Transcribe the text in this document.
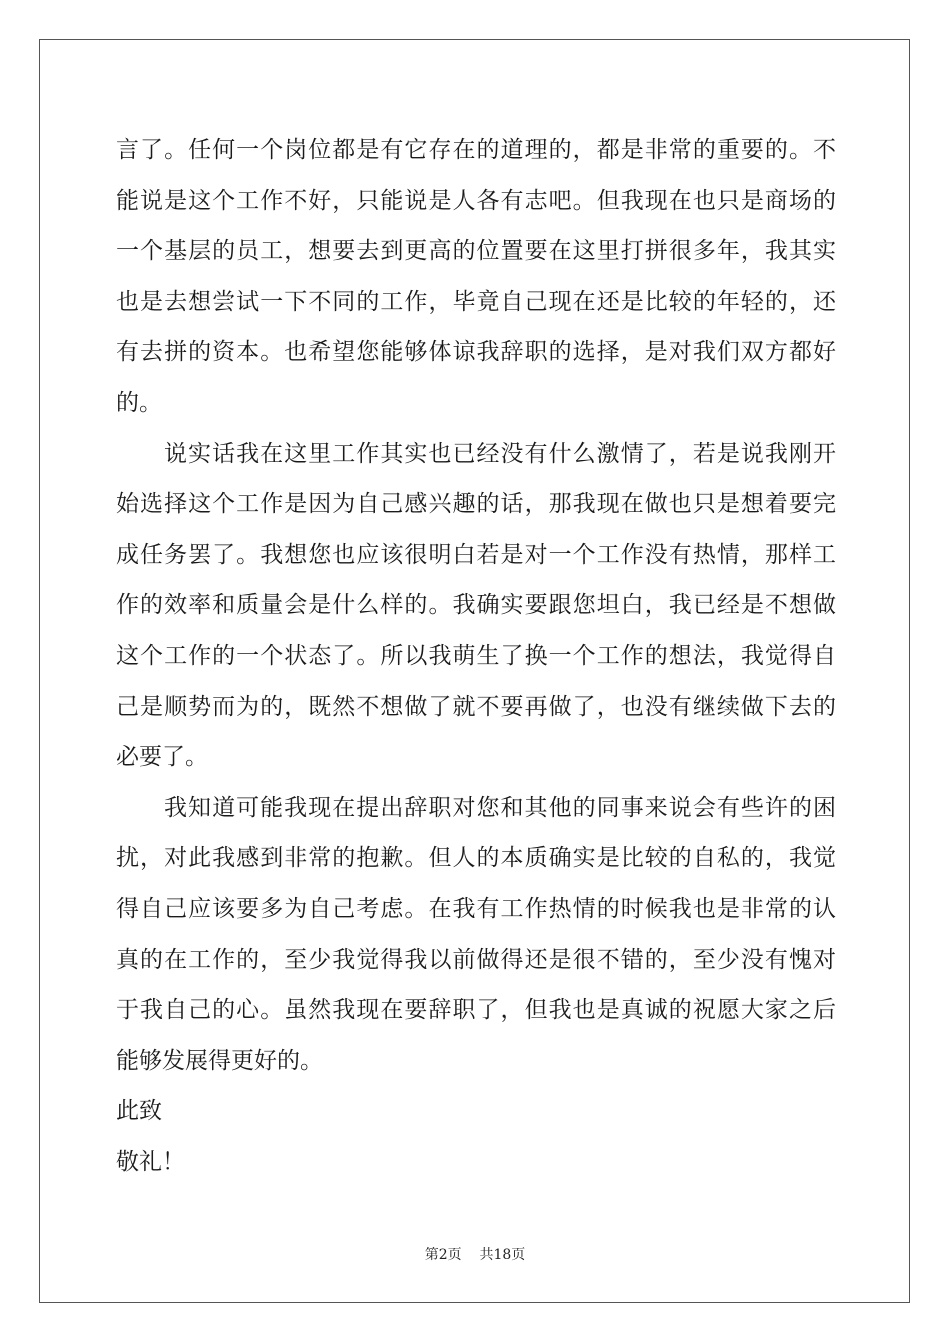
言了。任何一个岗位都是有它存在的道理的，都是非常的重要的。不
能说是这个工作不好，只能说是人各有志吧。但我现在也只是商场的
一个基层的员工，想要去到更高的位置要在这里打拼很多年，我其实
也是去想尝试一下不同的工作，毕竟自己现在还是比较的年轻的，还
有去拼的资本。也希望您能够体谅我辞职的选择，是对我们双方都好
的。
说实话我在这里工作其实也已经没有什么激情了，若是说我刚开
始选择这个工作是因为自己感兴趣的话，那我现在做也只是想着要完
成任务罢了。我想您也应该很明白若是对一个工作没有热情，那样工
作的效率和质量会是什么样的。我确实要跟您坦白，我已经是不想做
这个工作的一个状态了。所以我萌生了换一个工作的想法，我觉得自
己是顺势而为的，既然不想做了就不要再做了，也没有继续做下去的
必要了。
我知道可能我现在提出辞职对您和其他的同事来说会有些许的困
扰，对此我感到非常的抱歉。但人的本质确实是比较的自私的，我觉
得自己应该要多为自己考虑。在我有工作热情的时候我也是非常的认
真的在工作的，至少我觉得我以前做得还是很不错的，至少没有愧对
于我自己的心。虽然我现在要辞职了，但我也是真诚的祝愿大家之后
能够发展得更好的。
此致
敬礼！
第2页 共18页
